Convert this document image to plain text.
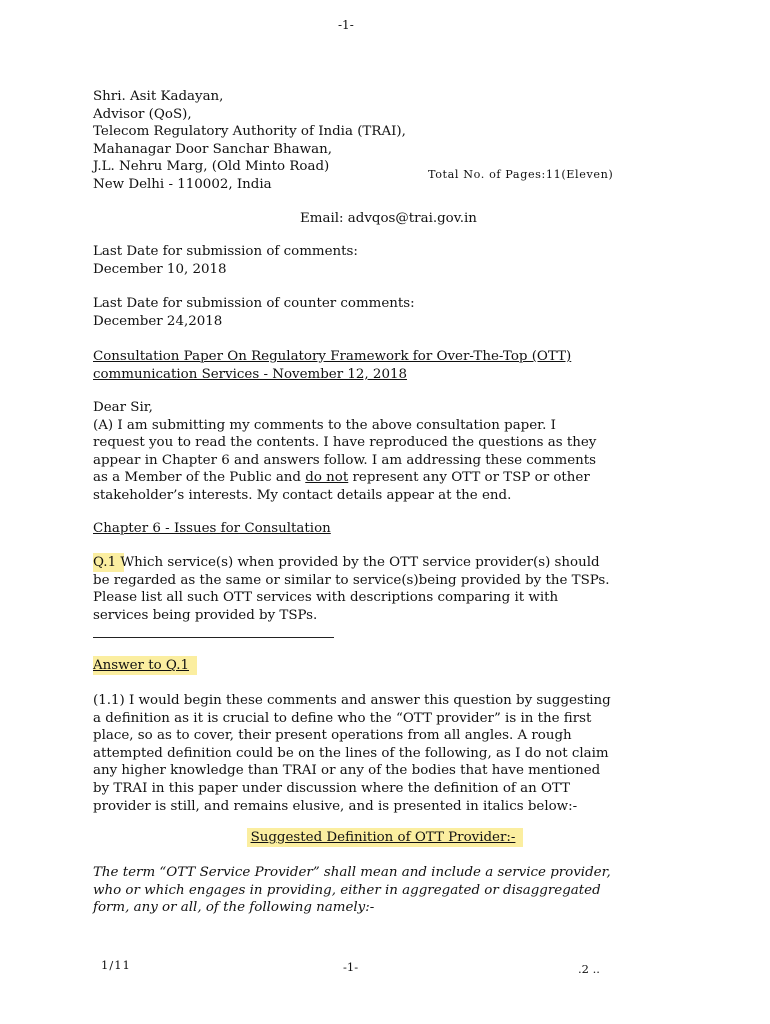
-1-
Shri. Asit Kadayan,
Advisor (QoS),
Telecom Regulatory Authority of India (TRAI),
Mahanagar Door Sanchar Bhawan,
J.L. Nehru Marg, (Old Minto Road)
New Delhi - 110002, India
Total No. of Pages:11(Eleven)
Email: advqos@trai.gov.in
Last Date for submission of comments:
December 10, 2018
Last Date for submission of counter comments:
December 24,2018
Consultation Paper On Regulatory Framework for Over-The-Top (OTT)
communication Services - November 12, 2018
Dear Sir,
(A) I am submitting my comments to the above consultation paper. I
request you to read the contents. I have reproduced the questions as they
appear in Chapter 6 and answers follow. I am addressing these comments
as a Member of the Public and do not represent any OTT or TSP or other
stakeholder’s interests. My contact details appear at the end.
Chapter 6 - Issues for Consultation
Q.1 Which service(s) when provided by the OTT service provider(s) should
be regarded as the same or similar to service(s)being provided by the TSPs.
Please list all such OTT services with descriptions comparing it with
services being provided by TSPs.
Answer to Q.1
(1.1) I would begin these comments and answer this question by suggesting
a definition as it is crucial to define who the “OTT provider” is in the first
place, so as to cover, their present operations from all angles. A rough
attempted definition could be on the lines of the following, as I do not claim
any higher knowledge than TRAI or any of the bodies that have mentioned
by TRAI in this paper under discussion where the definition of an OTT
provider is still, and remains elusive, and is presented in italics below:-
Suggested Definition of OTT Provider:-
The term “OTT Service Provider” shall mean and include a service provider,
who or which engages in providing, either in aggregated or disaggregated
form, any or all, of the following namely:-
1/11	-1-	.2 ..
